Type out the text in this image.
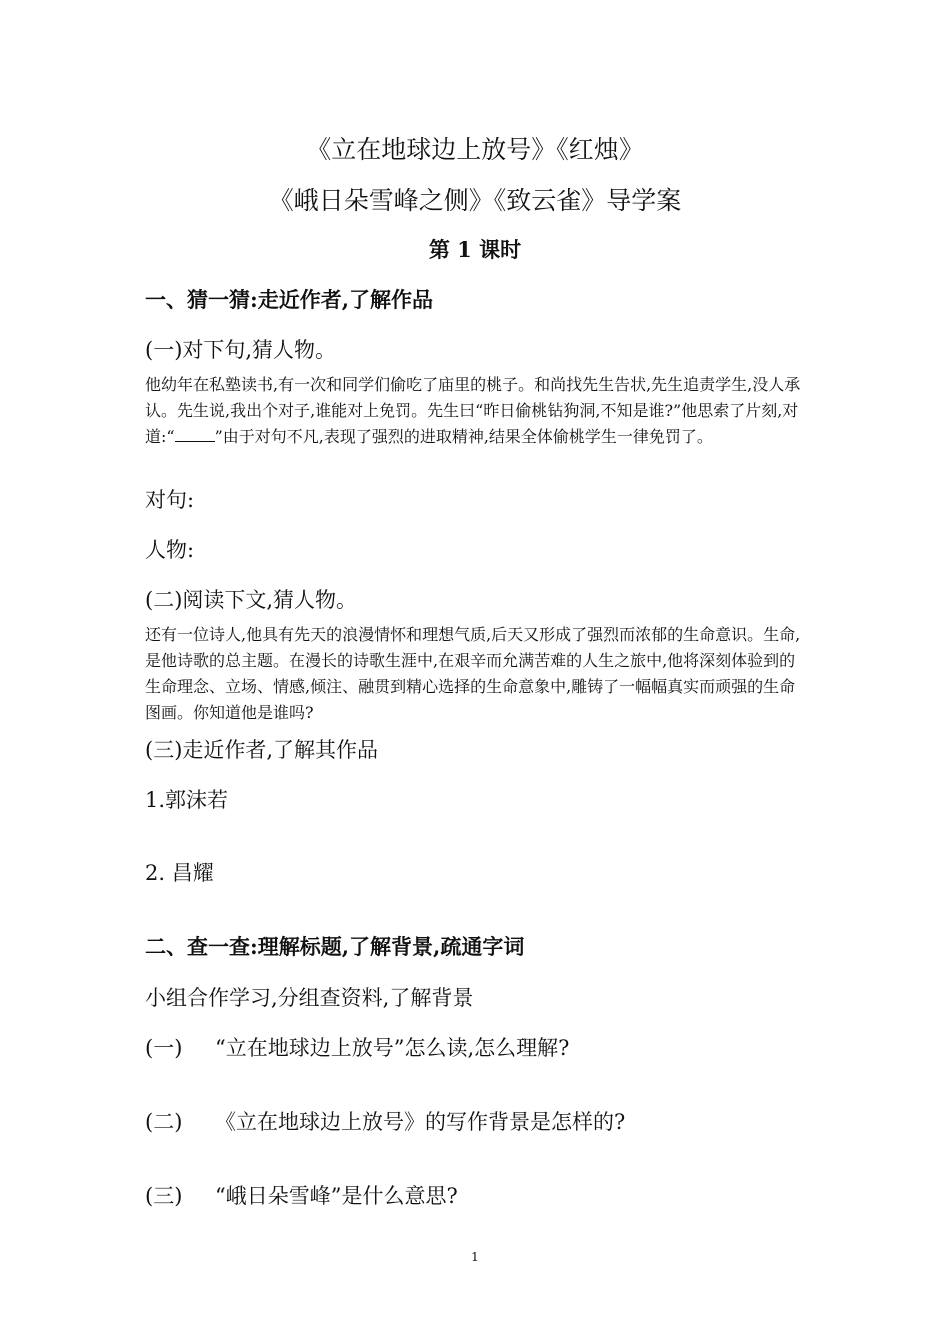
《立在地球边上放号》《红烛》
《峨日朵雪峰之侧》《致云雀》导学案
第 1 课时
一、猜一猜:走近作者,了解作品
(一)对下句,猜人物。
他幼年在私塾读书,有一次和同学们偷吃了庙里的桃子。和尚找先生告状,先生追责学生,没人承认。先生说,我出个对子,谁能对上免罚。先生曰“昨日偷桃钻狗洞,不知是谁?”他思索了片刻,对道:“	”由于对句不凡,表现了强烈的进取精神,结果全体偷桃学生一律免罚了。
对句:
人物:
(二)阅读下文,猜人物。
还有一位诗人,他具有先天的浪漫情怀和理想气质,后天又形成了强烈而浓郁的生命意识。生命,是他诗歌的总主题。在漫长的诗歌生涯中,在艰辛而允满苦难的人生之旅中,他将深刻体验到的生命理念、立场、情感,倾注、融贯到精心选择的生命意象中,雕铸了一幅幅真实而顽强的生命图画。你知道他是谁吗?
(三)走近作者,了解其作品
1.郭沫若
2. 昌耀
二、查一查:理解标题,了解背景,疏通字词
小组合作学习,分组查资料,了解背景
(一) “立在地球边上放号”怎么读,怎么理解?
(二) 《立在地球边上放号》的写作背景是怎样的?
(三) “峨日朵雪峰”是什么意思?
1
